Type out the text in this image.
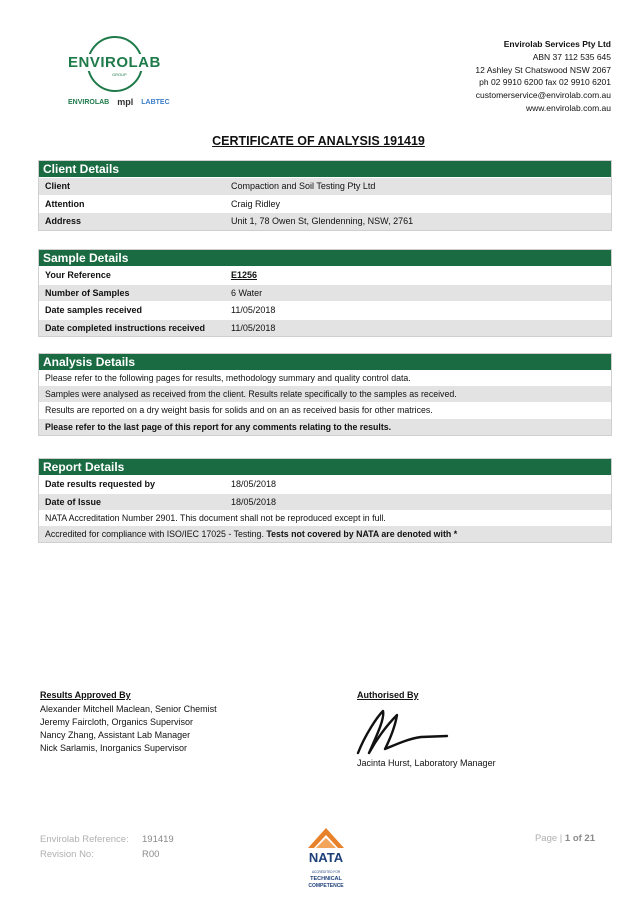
ENVIROLAB
GROUP
ENVIROLAB mpl LABTEC
Envirolab Services Pty Ltd
ABN 37 112 535 645
12 Ashley St Chatswood NSW 2067
ph 02 9910 6200 fax 02 9910 6201
customerservice@envirolab.com.au
www.envirolab.com.au
CERTIFICATE OF ANALYSIS 191419
Client Details
Client	Compaction and Soil Testing Pty Ltd
Attention	Craig Ridley
Address	Unit 1, 78 Owen St, Glendenning, NSW, 2761
Sample Details
Your Reference	E1256
Number of Samples	6 Water
Date samples received	11/05/2018
Date completed instructions received	11/05/2018
Analysis Details
Please refer to the following pages for results, methodology summary and quality control data.
Samples were analysed as received from the client. Results relate specifically to the samples as received.
Results are reported on a dry weight basis for solids and on an as received basis for other matrices.
Please refer to the last page of this report for any comments relating to the results.
Report Details
Date results requested by	18/05/2018
Date of Issue	18/05/2018
NATA Accreditation Number 2901. This document shall not be reproduced except in full.
Accredited for compliance with ISO/IEC 17025 - Testing. Tests not covered by NATA are denoted with *
Results Approved By
Alexander Mitchell Maclean, Senior Chemist
Jeremy Faircloth, Organics Supervisor
Nancy Zhang, Assistant Lab Manager
Nick Sarlamis, Inorganics Supervisor
Authorised By
Jacinta Hurst, Laboratory Manager
Envirolab Reference: 191419
Revision No:	R00	NATA
ACCREDITED FOR
TECHNICAL
COMPETENCE
Page | 1 of 21
